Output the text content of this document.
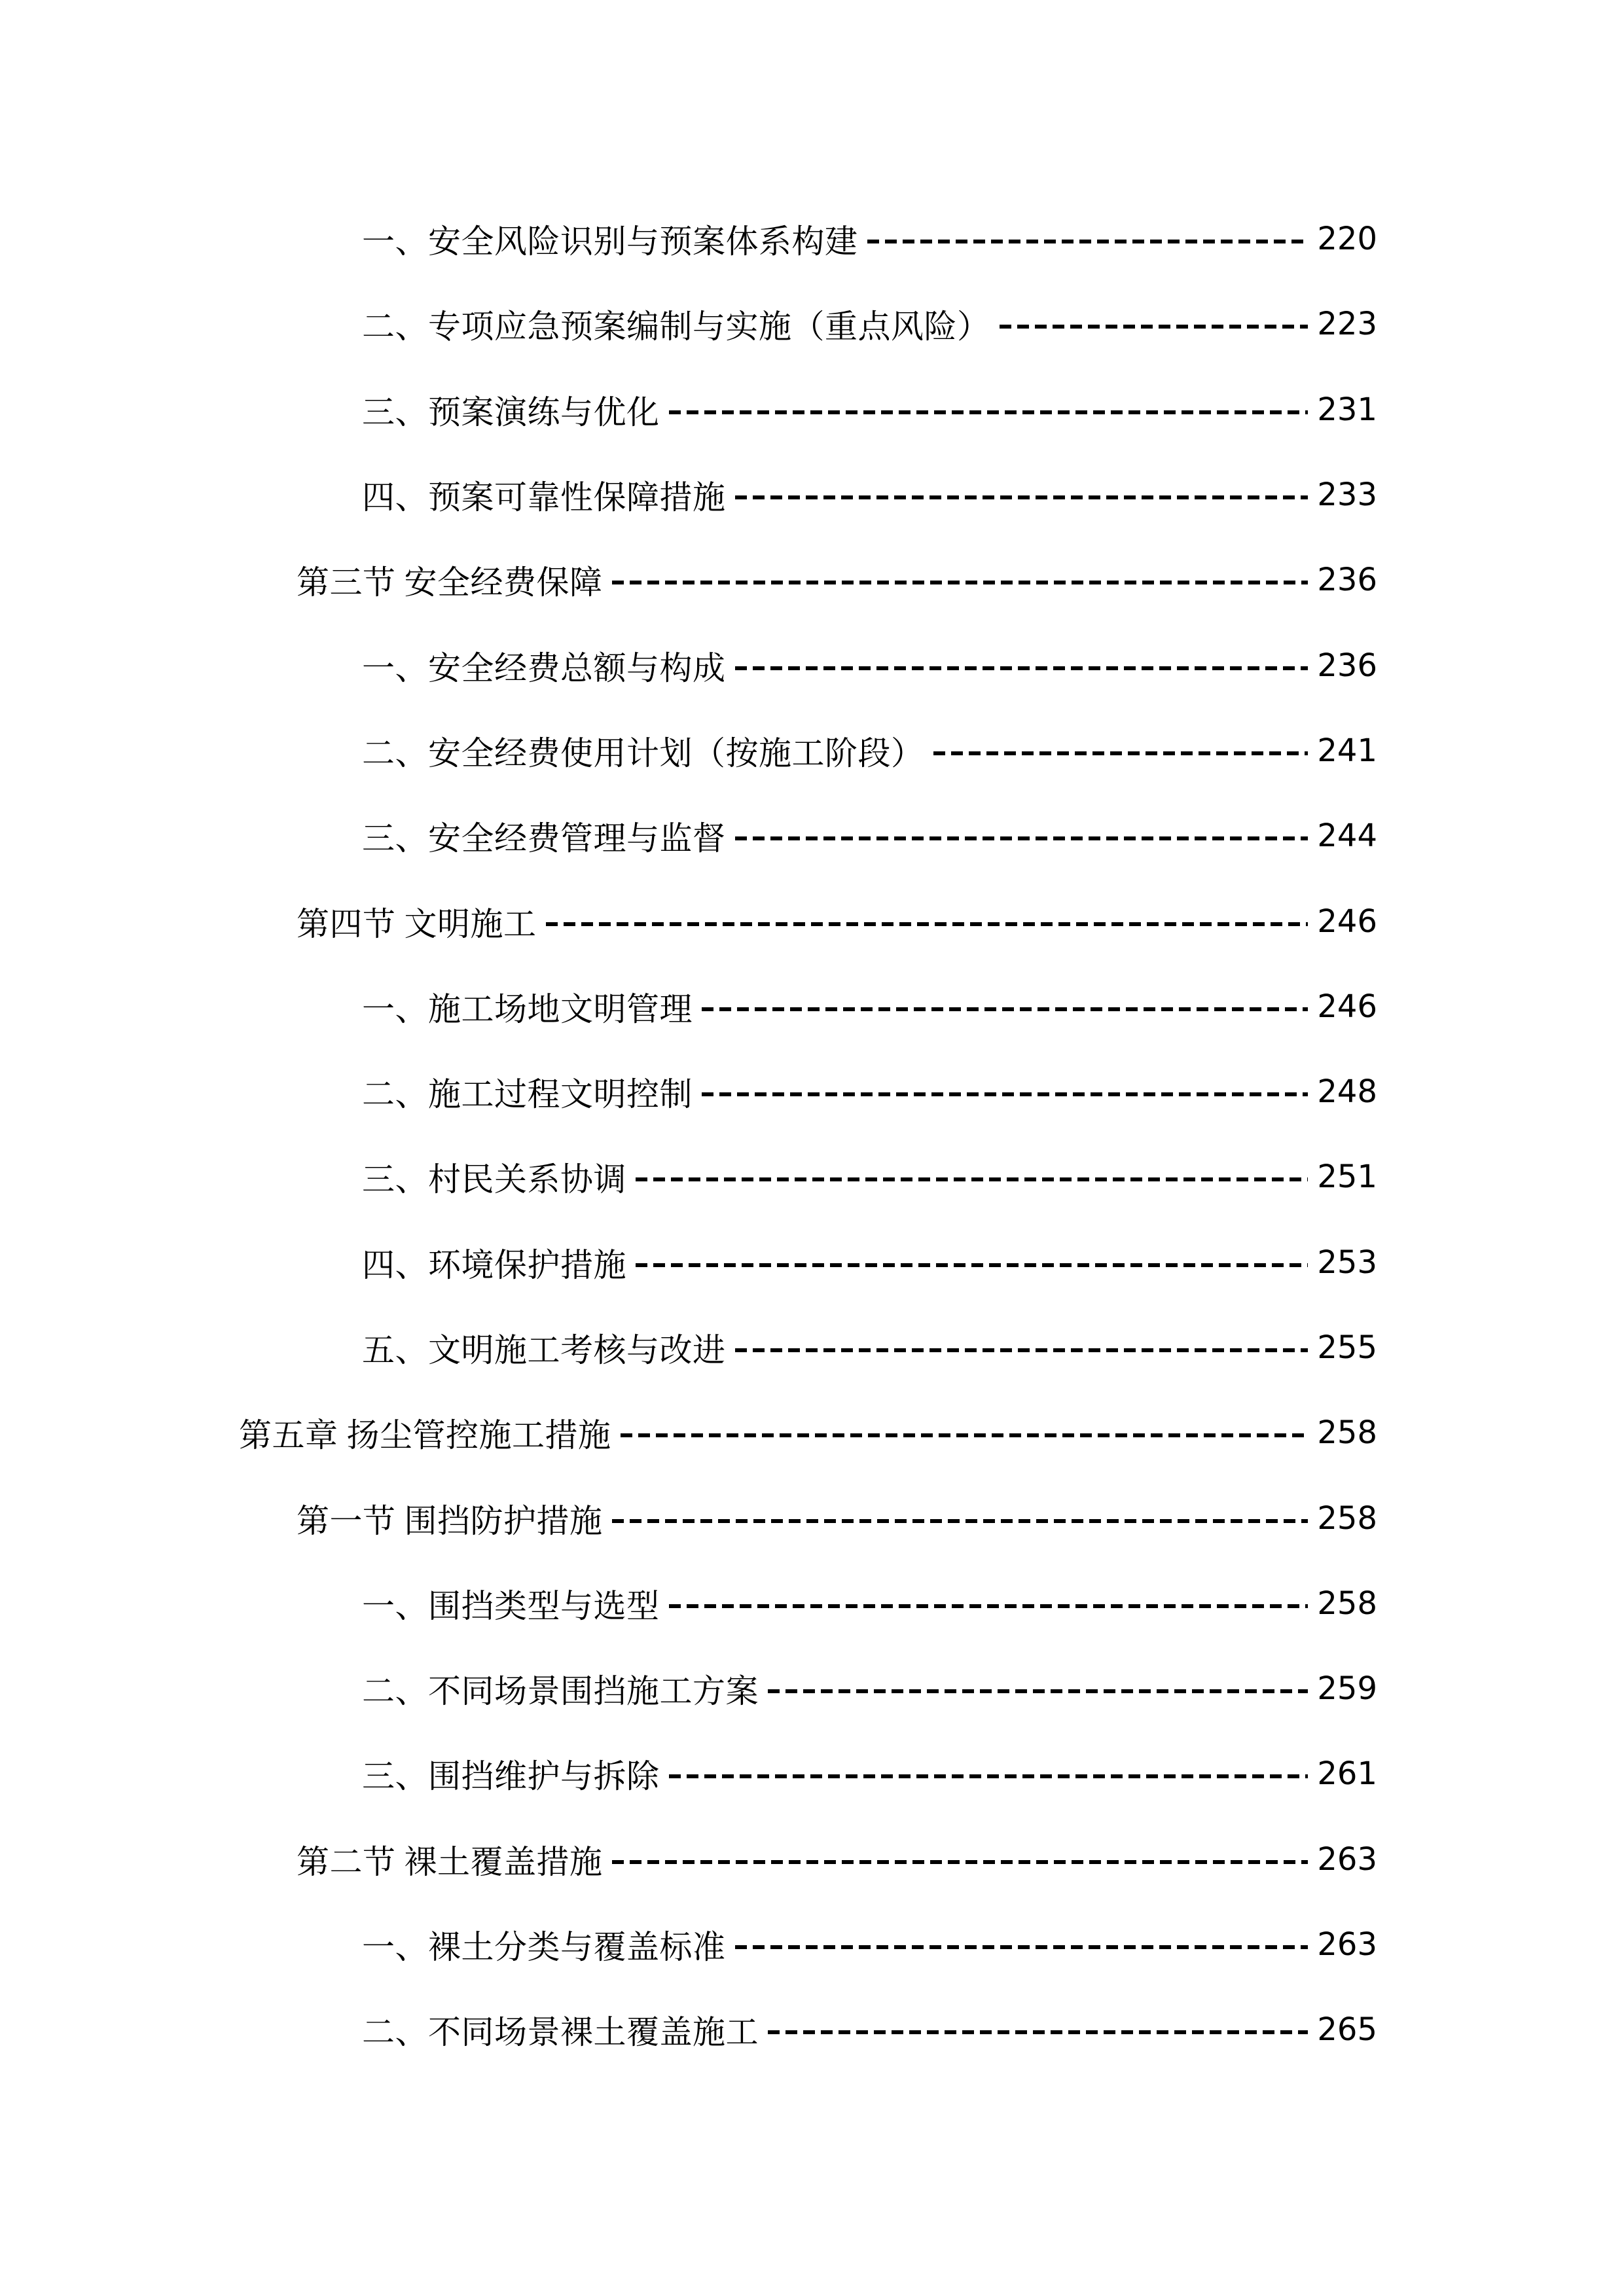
一、安全风险识别与预案体系构建	220
二、专项应急预案编制与实施（重点风险）	223
三、预案演练与优化	231
四、预案可靠性保障措施	233
第三节 安全经费保障	236
一、安全经费总额与构成	236
二、安全经费使用计划（按施工阶段）	241
三、安全经费管理与监督	244
第四节 文明施工	246
一、施工场地文明管理	246
二、施工过程文明控制	248
三、村民关系协调	251
四、环境保护措施	253
五、文明施工考核与改进	255
第五章 扬尘管控施工措施	258
第一节 围挡防护措施	258
一、围挡类型与选型	258
二、不同场景围挡施工方案	259
三、围挡维护与拆除	261
第二节 裸土覆盖措施	263
一、裸土分类与覆盖标准	263
二、不同场景裸土覆盖施工	265
